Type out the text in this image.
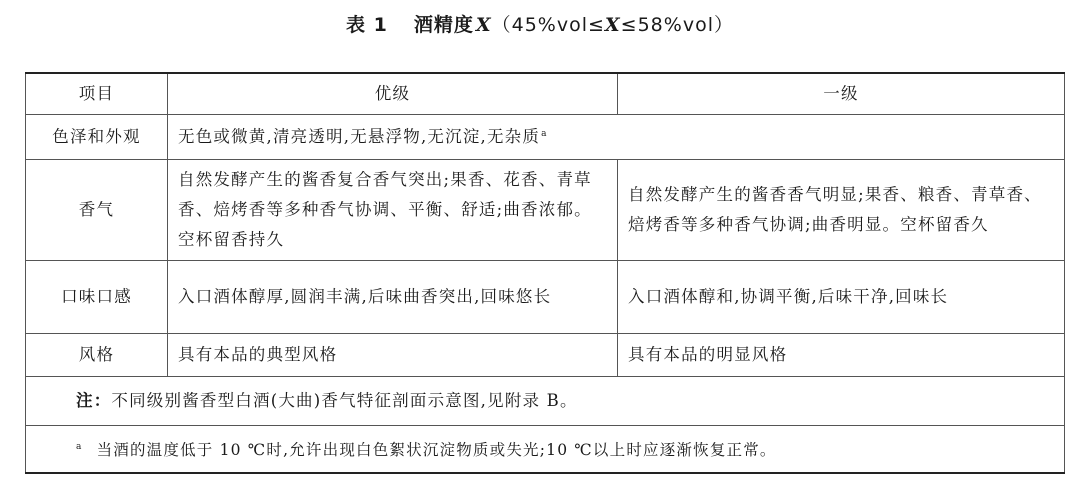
表 1 酒精度 X（45%vol≤X≤58%vol）
项目	优级	一级
色泽和外观	无色或微黄,清亮透明,无悬浮物,无沉淀,无杂质$^a$
香气	自然发酵产生的酱香复合香气突出;果香、花香、青草香、焙烤香等多种香气协调、平衡、舒适;曲香浓郁。空杯留香持久	自然发酵产生的酱香香气明显;果香、粮香、青草香、焙烤香等多种香气协调;曲香明显。空杯留香久
口味口感	入口酒体醇厚,圆润丰满,后味曲香突出,回味悠长	入口酒体醇和,协调平衡,后味干净,回味长
风格	具有本品的典型风格	具有本品的明显风格
注：不同级别酱香型白酒(大曲)香气特征剖面示意图,见附录 B。		
$^a$ 当酒的温度低于 10 ℃时,允许出现白色絮状沉淀物质或失光;10 ℃以上时应逐渐恢复正常。		
